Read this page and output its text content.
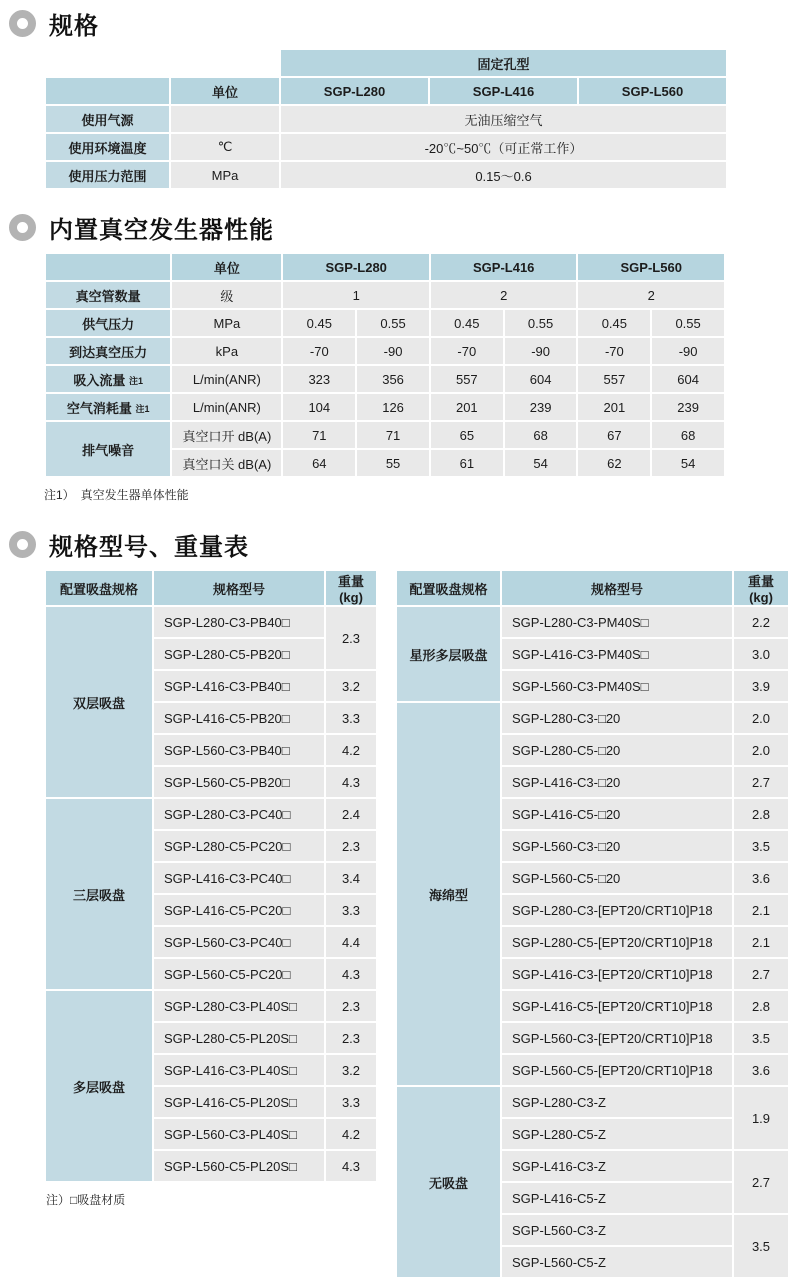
规格
		固定孔型		
	单位	SGP-L280	SGP-L416	SGP-L560
使用气源		无油压缩空气		
使用环境温度	℃	-20℃~50℃（可正常工作）		
使用压力范围	MPa	0.15～0.6		
内置真空发生器性能
	单位	SGP-L280		SGP-L416		SGP-L560	
真空管数量	级	1		2		2	
供气压力	MPa	0.45	0.55	0.45	0.55	0.45	0.55
到达真空压力	kPa	-70	-90	-70	-90	-70	-90
吸入流量 注1	L/min(ANR)	323	356	557	604	557	604
空气消耗量 注1	L/min(ANR)	104	126	201	239	201	239
排气噪音	真空口开 dB(A)	71	71	65	68	67	68
	真空口关 dB(A)	64	55	61	54	62	54
注1）　真空发生器单体性能
规格型号、重量表
配置吸盘规格	规格型号	重量(kg)
双层吸盘	SGP-L280-C3-PB40□	2.3
	SGP-L280-C5-PB20□	
	SGP-L416-C3-PB40□	3.2
	SGP-L416-C5-PB20□	3.3
	SGP-L560-C3-PB40□	4.2
	SGP-L560-C5-PB20□	4.3
三层吸盘	SGP-L280-C3-PC40□	2.4
	SGP-L280-C5-PC20□	2.3
	SGP-L416-C3-PC40□	3.4
	SGP-L416-C5-PC20□	3.3
	SGP-L560-C3-PC40□	4.4
	SGP-L560-C5-PC20□	4.3
多层吸盘	SGP-L280-C3-PL40S□	2.3
	SGP-L280-C5-PL20S□	2.3
	SGP-L416-C3-PL40S□	3.2
	SGP-L416-C5-PL20S□	3.3
	SGP-L560-C3-PL40S□	4.2
	SGP-L560-C5-PL20S□	4.3
注）□吸盘材质
配置吸盘规格	规格型号	重量(kg)
星形多层吸盘	SGP-L280-C3-PM40S□	2.2
	SGP-L416-C3-PM40S□	3.0
	SGP-L560-C3-PM40S□	3.9
海绵型	SGP-L280-C3-□20	2.0
	SGP-L280-C5-□20	2.0
	SGP-L416-C3-□20	2.7
	SGP-L416-C5-□20	2.8
	SGP-L560-C3-□20	3.5
	SGP-L560-C5-□20	3.6
	SGP-L280-C3-[EPT20/CRT10]P18	2.1
	SGP-L280-C5-[EPT20/CRT10]P18	2.1
	SGP-L416-C3-[EPT20/CRT10]P18	2.7
	SGP-L416-C5-[EPT20/CRT10]P18	2.8
	SGP-L560-C3-[EPT20/CRT10]P18	3.5
	SGP-L560-C5-[EPT20/CRT10]P18	3.6
无吸盘	SGP-L280-C3-Z	1.9
	SGP-L280-C5-Z	
	SGP-L416-C3-Z	2.7
	SGP-L416-C5-Z	
	SGP-L560-C3-Z	3.5
	SGP-L560-C5-Z	
